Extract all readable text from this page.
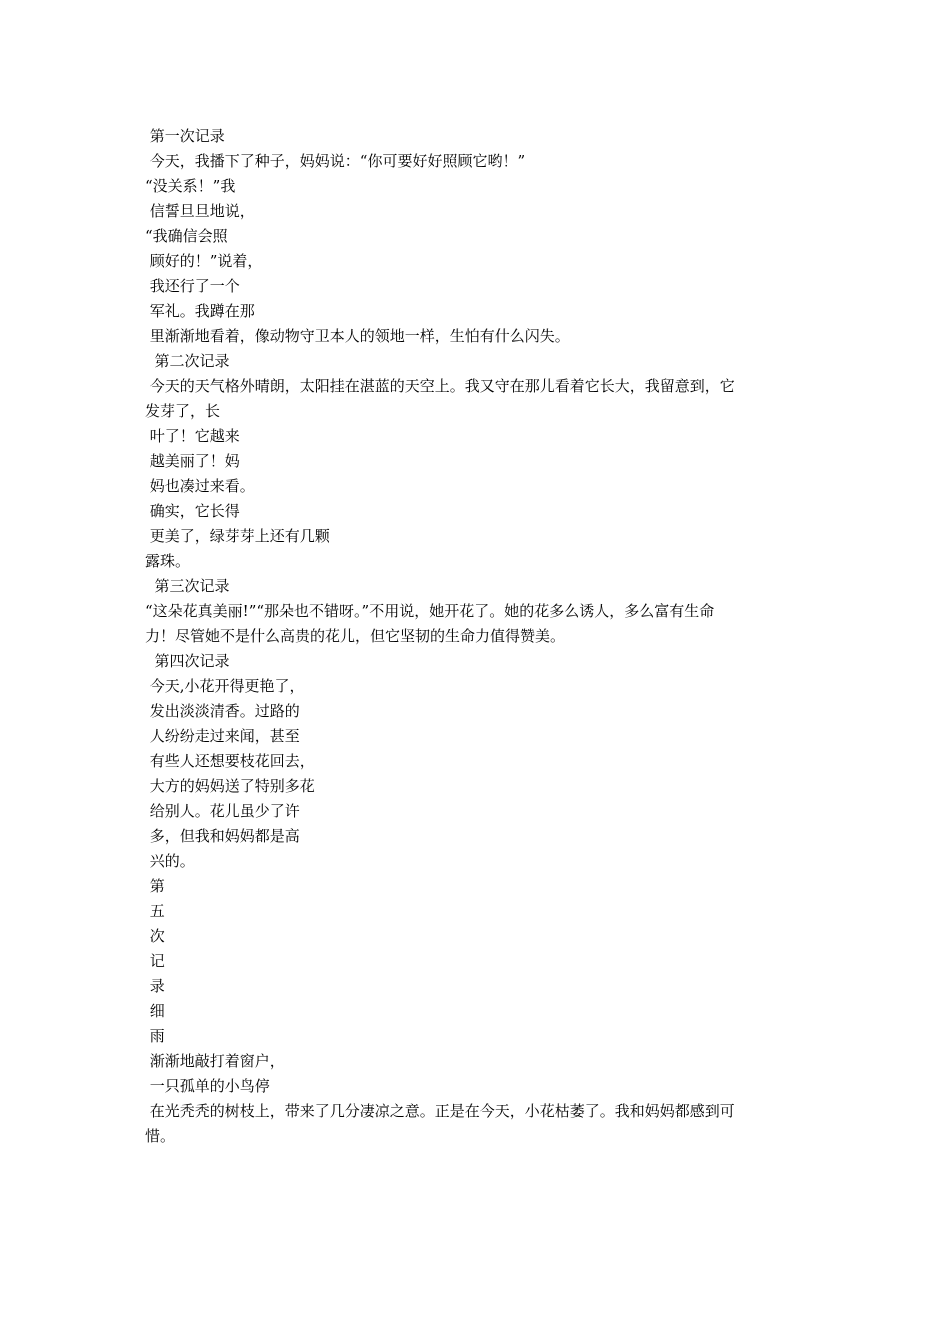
第一次记录
今天，我播下了种子，妈妈说：“你可要好好照顾它哟！”
“没关系！”我
信誓旦旦地说，
“我确信会照
顾好的！”说着，
我还行了一个
军礼。我蹲在那
里渐渐地看着，像动物守卫本人的领地一样，生怕有什么闪失。
第二次记录
今天的天气格外晴朗，太阳挂在湛蓝的天空上。我又守在那儿看着它长大，我留意到，它
发芽了，长
叶了！它越来
越美丽了！妈
妈也凑过来看。
确实，它长得
更美了，绿芽芽上还有几颗
露珠。
第三次记录
“这朵花真美丽!”“那朵也不错呀。”不用说，她开花了。她的花多么诱人，多么富有生命
力！尽管她不是什么高贵的花儿，但它坚韧的生命力值得赞美。
第四次记录
今天,小花开得更艳了，
发出淡淡清香。过路的
人纷纷走过来闻，甚至
有些人还想要枝花回去，
大方的妈妈送了特别多花
给别人。花儿虽少了许
多，但我和妈妈都是高
兴的。
第
五
次
记
录
细
雨
渐渐地敲打着窗户，
一只孤单的小鸟停
在光秃秃的树枝上，带来了几分凄凉之意。正是在今天，小花枯萎了。我和妈妈都感到可
惜。
